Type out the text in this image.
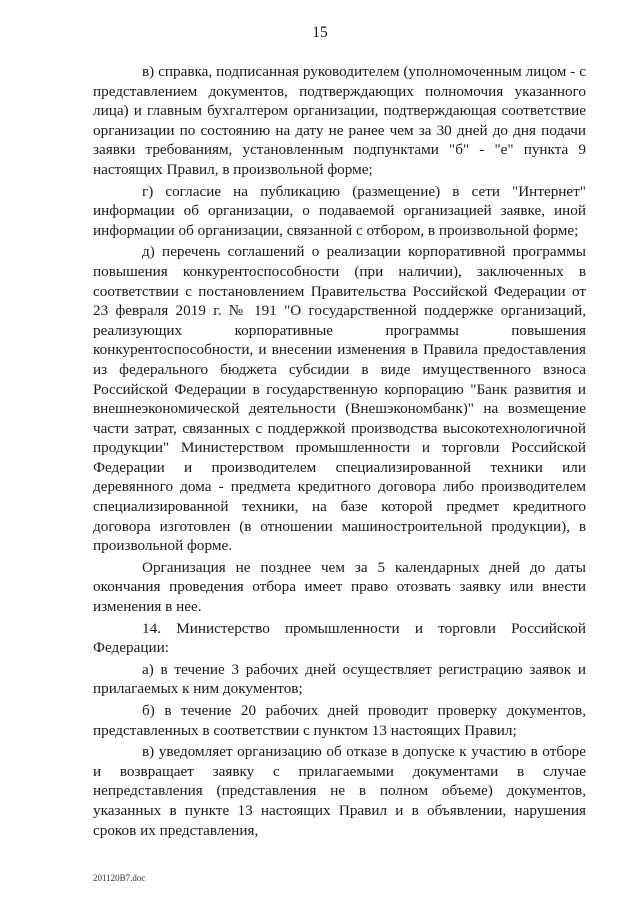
15

в) справка, подписанная руководителем (уполномоченным лицом - с представлением документов, подтверждающих полномочия указанного лица) и главным бухгалтером организации, подтверждающая соответствие организации по состоянию на дату не ранее чем за 30 дней до дня подачи заявки требованиям, установленным подпунктами "б" - "е" пункта 9 настоящих Правил, в произвольной форме;

г) согласие на публикацию (размещение) в сети "Интернет" информации об организации, о подаваемой организацией заявке, иной информации об организации, связанной с отбором, в произвольной форме;

д) перечень соглашений о реализации корпоративной программы повышения конкурентоспособности (при наличии), заключенных в соответствии с постановлением Правительства Российской Федерации от 23 февраля 2019 г. № 191 "О государственной поддержке организаций, реализующих корпоративные программы повышения конкурентоспособности, и внесении изменения в Правила предоставления из федерального бюджета субсидии в виде имущественного взноса Российской Федерации в государственную корпорацию "Банк развития и внешнеэкономической деятельности (Внешэкономбанк)" на возмещение части затрат, связанных с поддержкой производства высокотехнологичной продукции" Министерством промышленности и торговли Российской Федерации и производителем специализированной техники или деревянного дома - предмета кредитного договора либо производителем специализированной техники, на базе которой предмет кредитного договора изготовлен (в отношении машиностроительной продукции), в произвольной форме.

Организация не позднее чем за 5 календарных дней до даты окончания проведения отбора имеет право отозвать заявку или внести изменения в нее.

14. Министерство промышленности и торговли Российской Федерации:

а) в течение 3 рабочих дней осуществляет регистрацию заявок и прилагаемых к ним документов;

б) в течение 20 рабочих дней проводит проверку документов, представленных в соответствии с пунктом 13 настоящих Правил;

в) уведомляет организацию об отказе в допуске к участию в отборе и возвращает заявку с прилагаемыми документами в случае непредставления (представления не в полном объеме) документов, указанных в пункте 13 настоящих Правил и в объявлении, нарушения сроков их представления,

201120В7.doc
